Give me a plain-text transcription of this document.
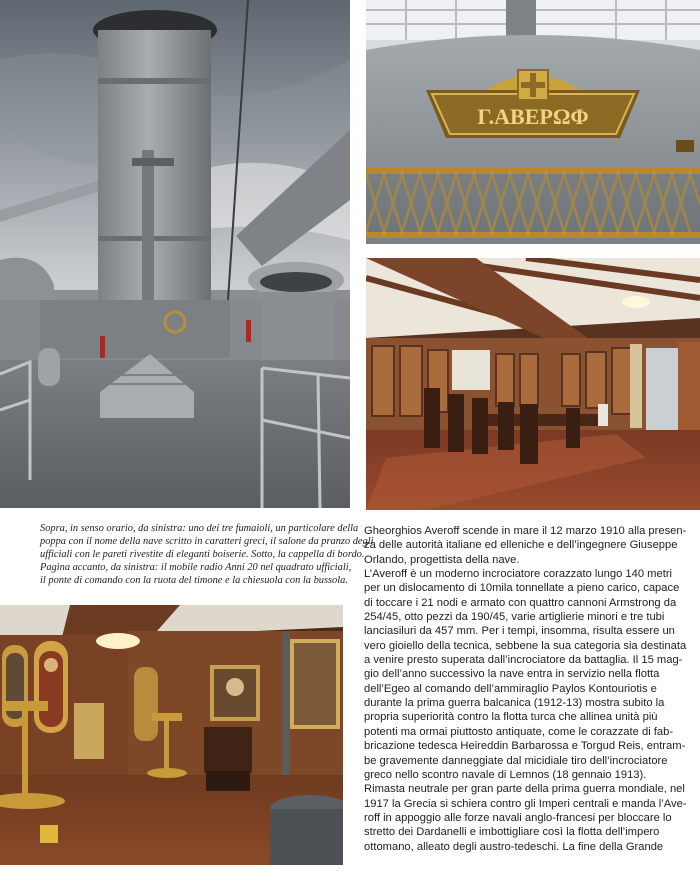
Γ.ΑΒΕΡΩΦ
Sopra, in senso orario, da sinistra: uno dei tre fumaioli, un particolare della
poppa con il nome della nave scritto in caratteri greci, il salone da pranzo degli
ufficiali con le pareti rivestite di eleganti boiserie. Sotto, la cappella di bordo.
Pagina accanto, da sinistra: il mobile radio Anni 20 nel quadrato ufficiali,
il ponte di comando con la ruota del timone e la chiesuola con la bussola.
Gheorghios Averoff scende in mare il 12 marzo 1910 alla presen-
za delle autorità italiane ed elleniche e dell’ingegnere Giuseppe
Orlando, progettista della nave.
L’Averoff è un moderno incrociatore corazzato lungo 140 metri
per un dislocamento di 10mila tonnellate a pieno carico, capace
di toccare i 21 nodi e armato con quattro cannoni Armstrong da
254/45, otto pezzi da 190/45, varie artiglierie minori e tre tubi
lanciasiluri da 457 mm. Per i tempi, insomma, risulta essere un
vero gioiello della tecnica, sebbene la sua categoria sia destinata
a venire presto superata dall’incrociatore da battaglia. Il 15 mag-
gio dell’anno successivo la nave entra in servizio nella flotta
dell’Egeo al comando dell’ammiraglio Paylos Kontouriotis e
durante la prima guerra balcanica (1912-13) mostra subito la
propria superiorità contro la flotta turca che allinea unità più
potenti ma ormai piuttosto antiquate, come le corazzate di fab-
bricazione tedesca Heireddin Barbarossa e Torgud Reis, entram-
be gravemente danneggiate dal micidiale tiro dell’incrociatore
greco nello scontro navale di Lemnos (18 gennaio 1913).
Rimasta neutrale per gran parte della prima guerra mondiale, nel
1917 la Grecia si schiera contro gli Imperi centrali e manda l’Ave-
roff in appoggio alle forze navali anglo-francesi per bloccare lo
stretto dei Dardanelli e imbottigliare così la flotta dell’impero
ottomano, alleato degli austro-tedeschi. La fine della Grande
